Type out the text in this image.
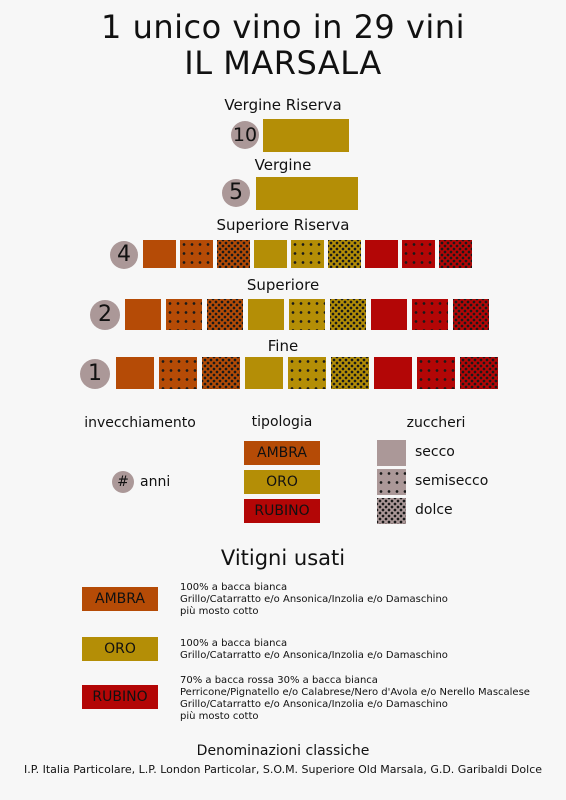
1 unico vino in 29 vini
IL MARSALA
Vergine Riserva
10
Vergine
5
Superiore Riserva
4
Superiore
2
Fine
1
invecchiamento	tipologia	zuccheri
# anni
AMBRA
ORO
RUBINO
secco
semisecco
dolce
Vitigni usati
AMBRA
100% a bacca bianca
Grillo/Catarratto e/o Ansonica/Inzolia e/o Damaschino
più mosto cotto
ORO	100% a bacca bianca
Grillo/Catarratto e/o Ansonica/Inzolia e/o Damaschino
RUBINO
70% a bacca rossa 30% a bacca bianca
Perricone/Pignatello e/o Calabrese/Nero d'Avola e/o Nerello Mascalese
Grillo/Catarratto e/o Ansonica/Inzolia e/o Damaschino
più mosto cotto
Denominazioni classiche
I.P. Italia Particolare, L.P. London Particolar, S.O.M. Superiore Old Marsala, G.D. Garibaldi Dolce
